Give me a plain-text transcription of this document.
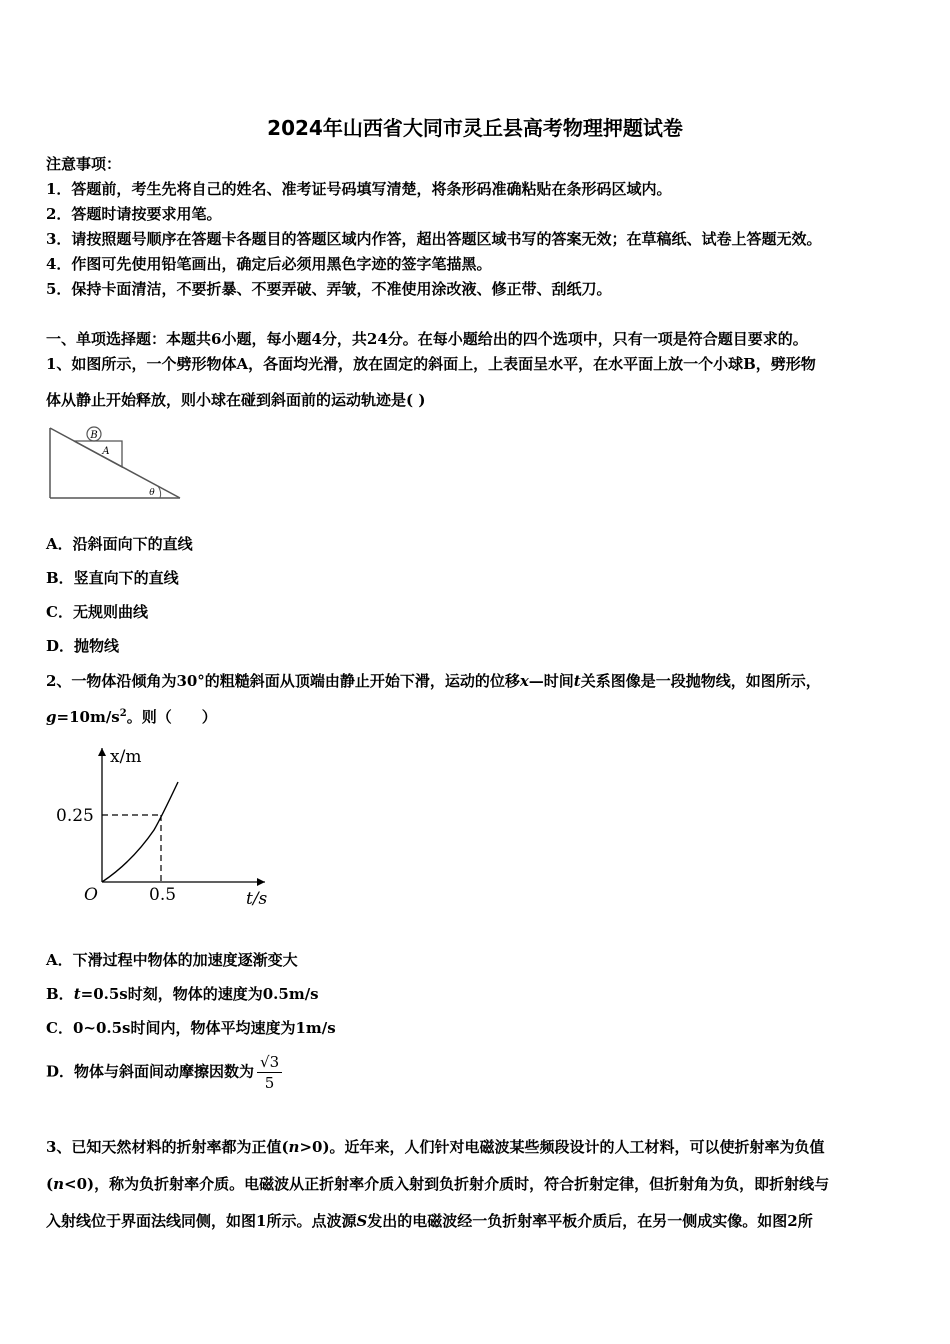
2024年山西省大同市灵丘县高考物理押题试卷
注意事项：
1．答题前，考生先将自己的姓名、准考证号码填写清楚，将条形码准确粘贴在条形码区域内。
2．答题时请按要求用笔。
3．请按照题号顺序在答题卡各题目的答题区域内作答，超出答题区域书写的答案无效；在草稿纸、试卷上答题无效。
4．作图可先使用铅笔画出，确定后必须用黑色字迹的签字笔描黑。
5．保持卡面清洁，不要折暴、不要弄破、弄皱，不准使用涂改液、修正带、刮纸刀。
一、单项选择题：本题共6小题，每小题4分，共24分。在每小题给出的四个选项中，只有一项是符合题目要求的。
1、如图所示，一个劈形物体A，各面均光滑，放在固定的斜面上，上表面呈水平，在水平面上放一个小球B，劈形物
体从静止开始释放，则小球在碰到斜面前的运动轨迹是( )
B
A
θ
A．沿斜面向下的直线
B．竖直向下的直线
C．无规则曲线
D．抛物线
2、一物体沿倾角为30°的粗糙斜面从顶端由静止开始下滑，运动的位移x—时间t关系图像是一段抛物线，如图所示，
$g=10m/s^2$。则（　　）
x/m
t/s
O
0.25
0.5
A．下滑过程中物体的加速度逐渐变大
B．t=0.5s时刻，物体的速度为0.5m/s
C．0~0.5s时间内，物体平均速度为1m/s
D．物体与斜面间动摩擦因数为 $\frac{√3}{5}$
3、已知天然材料的折射率都为正值(n>0)。近年来，人们针对电磁波某些频段设计的人工材料，可以使折射率为负值
(n<0)，称为负折射率介质。电磁波从正折射率介质入射到负折射介质时，符合折射定律，但折射角为负，即折射线与
入射线位于界面法线同侧，如图1所示。点波源S发出的电磁波经一负折射率平板介质后，在另一侧成实像。如图2所
